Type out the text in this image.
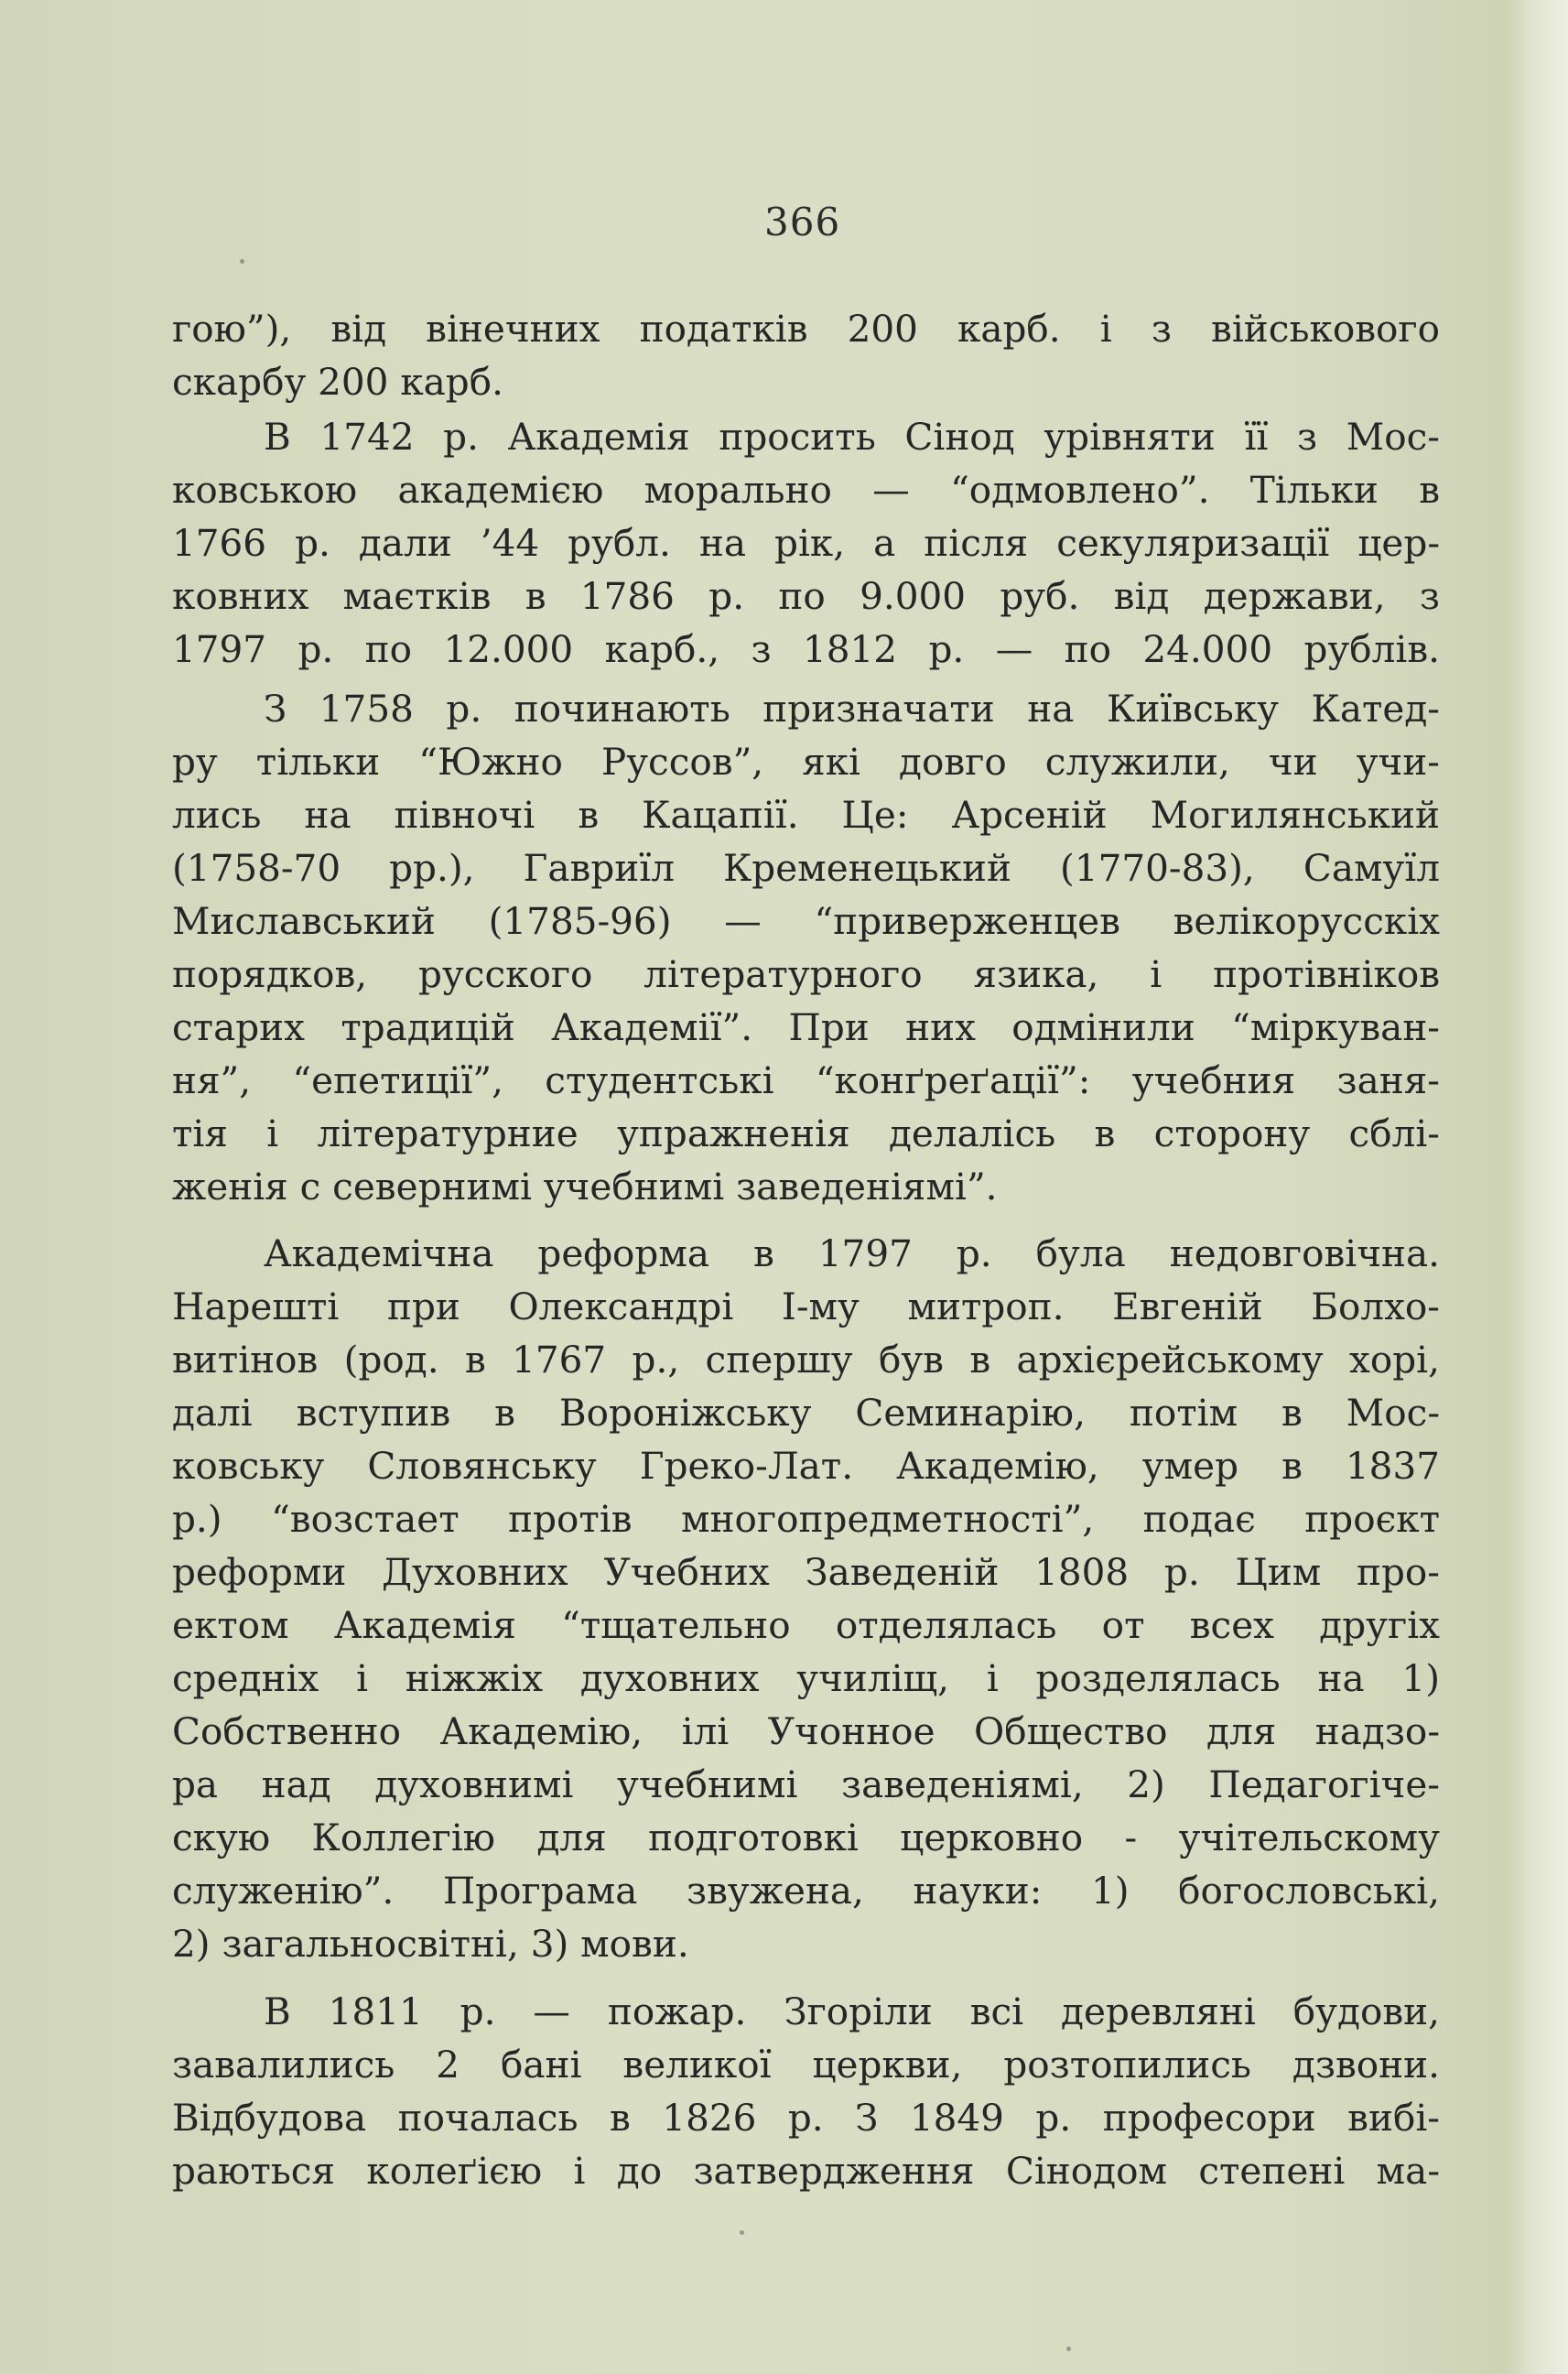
366
гою”), від вінечних податків 200 карб. і з військового
скарбу 200 карб.
В 1742 р. Академія просить Сінод урівняти її з Мос-
ковською академією морально — “одмовлено”. Тільки в
1766 р. дали ’44 рубл. на рік, а після секуляризації цер-
ковних маєтків в 1786 р. по 9.000 руб. від держави, з
1797 р. по 12.000 карб., з 1812 р. — по 24.000 рублів.
З 1758 р. починають призначати на Київську Катед-
ру тільки “Южно Руссов”, які довго служили, чи учи-
лись на півночі в Кацапії. Це: Арсеній Могилянський
(1758-70 рр.), Гавриїл Кременецький (1770-83), Самуїл
Миславський (1785-96) — “приверженцев велікорусскіх
порядков, русского літературного язика, і протівніков
старих традицій Академії”. При них одмінили “міркуван-
ня”, “епетиції”, студентські “конґреґації”: учебния заня-
тія і літературние упражненія делалісь в сторону сблі-
женія с севернимі учебнимі заведеніямі”.
Академічна реформа в 1797 р. була недовговічна.
Нарешті при Олександрі І-му митроп. Евгеній Болхо-
витінов (род. в 1767 р., спершу був в архієрейському хорі,
далі вступив в Вороніжську Семинарію, потім в Мос-
ковську Словянську Греко-Лат. Академію, умер в 1837
р.) “возстает протів многопредметності”, подає проєкт
реформи Духовних Учебних Заведеній 1808 р. Цим про-
ектом Академія “тщательно отделялась от всех другіх
средніх і ніжжіх духовних училіщ, і розделялась на 1)
Собственно Академію, ілі Учонное Общество для надзо-
ра над духовнимі учебнимі заведеніямі, 2) Педагогіче-
скую Коллегію для подготовкі церковно - учітельскому
служенію”. Програма звужена, науки: 1) богословські,
2) загальносвітні, 3) мови.
В 1811 р. — пожар. Згоріли всі деревляні будови,
завалились 2 бані великої церкви, розтопились дзвони.
Відбудова почалась в 1826 р. З 1849 р. професори вибі-
раються колеґією і до затвердження Сінодом степені ма-
